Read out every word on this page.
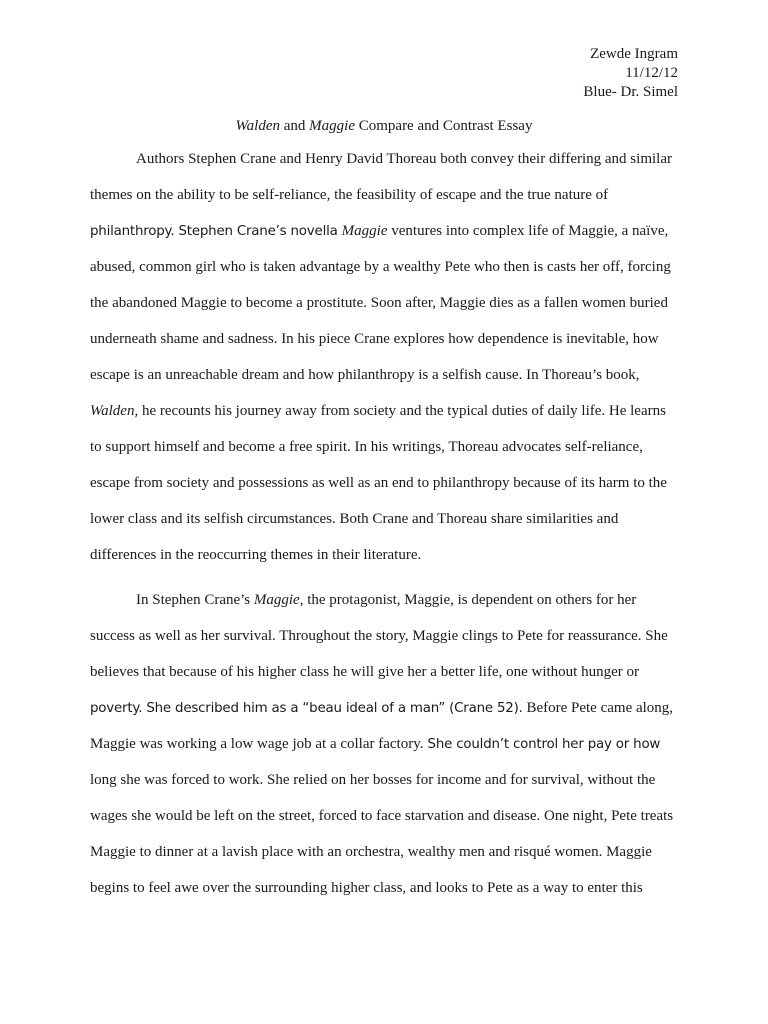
Zewde Ingram
11/12/12
Blue- Dr. Simel
Walden and Maggie Compare and Contrast Essay
Authors Stephen Crane and Henry David Thoreau both convey their differing and similar
themes on the ability to be self-reliance, the feasibility of escape and the true nature of
philanthropy. Stephen Crane’s novella Maggie ventures into complex life of Maggie, a naïve,
abused, common girl who is taken advantage by a wealthy Pete who then is casts her off, forcing
the abandoned Maggie to become a prostitute. Soon after, Maggie dies as a fallen women buried
underneath shame and sadness. In his piece Crane explores how dependence is inevitable, how
escape is an unreachable dream and how philanthropy is a selfish cause. In Thoreau’s book,
Walden, he recounts his journey away from society and the typical duties of daily life. He learns
to support himself and become a free spirit. In his writings, Thoreau advocates self-reliance,
escape from society and possessions as well as an end to philanthropy because of its harm to the
lower class and its selfish circumstances. Both Crane and Thoreau share similarities and
differences in the reoccurring themes in their literature.
In Stephen Crane’s Maggie, the protagonist, Maggie, is dependent on others for her
success as well as her survival. Throughout the story, Maggie clings to Pete for reassurance. She
believes that because of his higher class he will give her a better life, one without hunger or
poverty. She described him as a “beau ideal of a man” (Crane 52). Before Pete came along,
Maggie was working a low wage job at a collar factory. She couldn’t control her pay or how
long she was forced to work. She relied on her bosses for income and for survival, without the
wages she would be left on the street, forced to face starvation and disease. One night, Pete treats
Maggie to dinner at a lavish place with an orchestra, wealthy men and risqué women. Maggie
begins to feel awe over the surrounding higher class, and looks to Pete as a way to enter this
